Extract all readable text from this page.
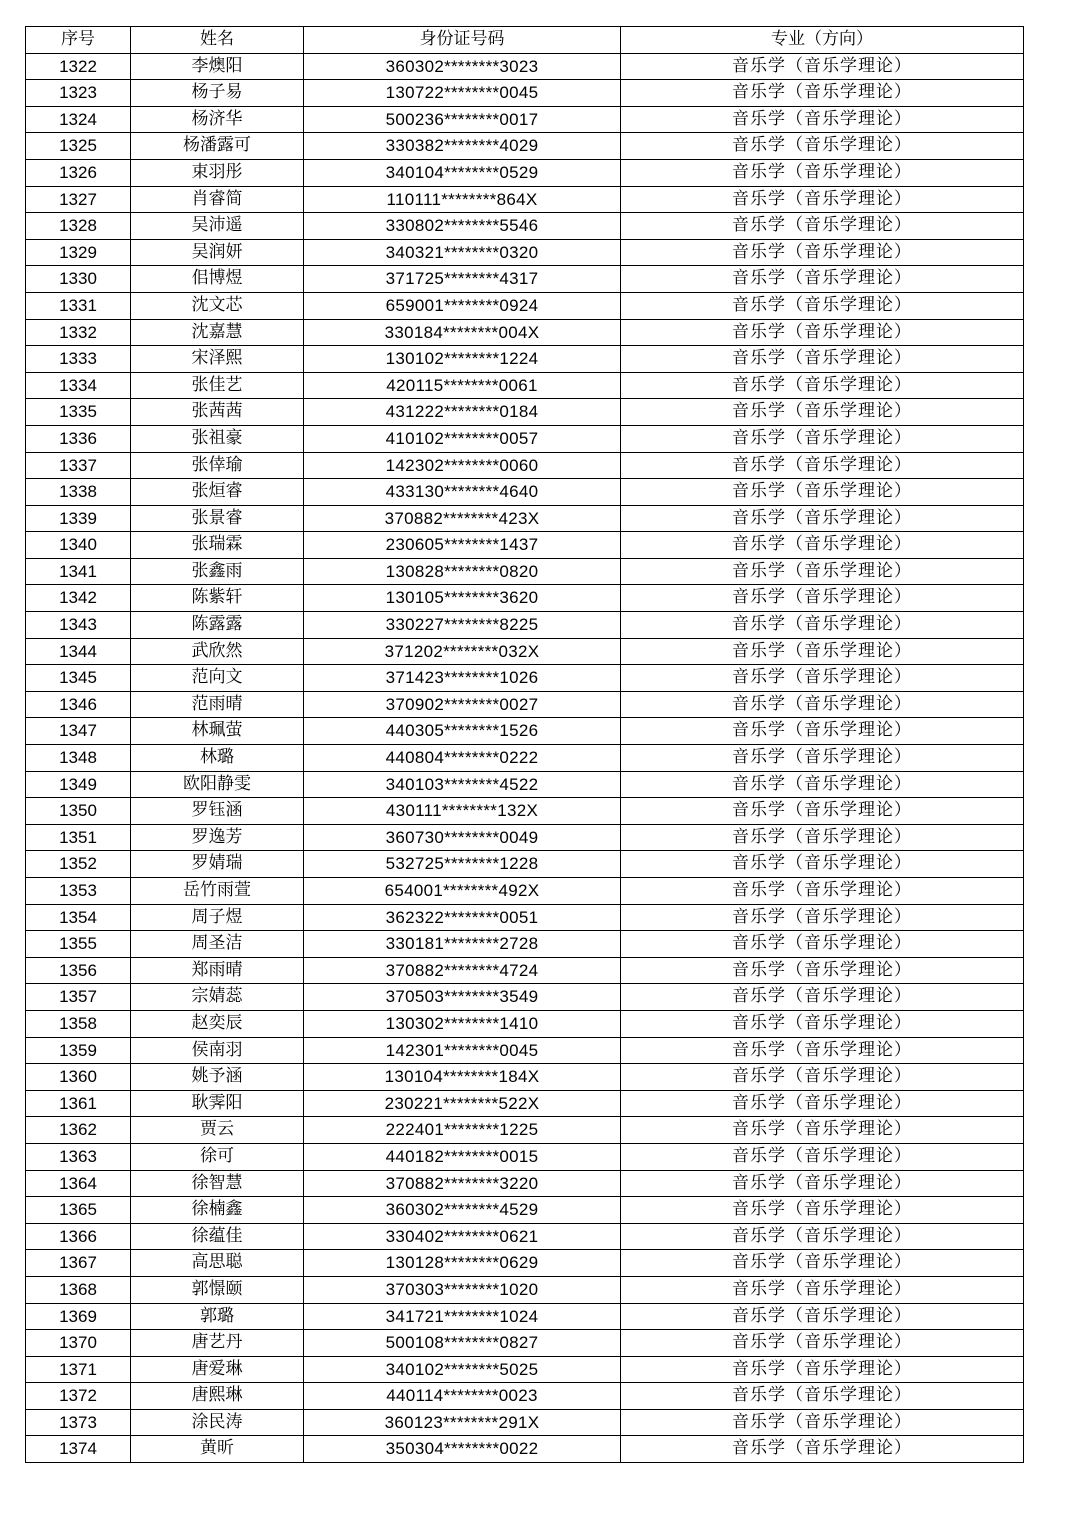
序号	姓名	身份证号码	专业（方向）
1322	李燠阳	360302********3023	音乐学（音乐学理论）
1323	杨子易	130722********0045	音乐学（音乐学理论）
1324	杨济华	500236********0017	音乐学（音乐学理论）
1325	杨潘露可	330382********4029	音乐学（音乐学理论）
1326	束羽彤	340104********0529	音乐学（音乐学理论）
1327	肖睿简	110111********864X	音乐学（音乐学理论）
1328	吴沛遥	330802********5546	音乐学（音乐学理论）
1329	吴润妍	340321********0320	音乐学（音乐学理论）
1330	佀博煜	371725********4317	音乐学（音乐学理论）
1331	沈文芯	659001********0924	音乐学（音乐学理论）
1332	沈嘉慧	330184********004X	音乐学（音乐学理论）
1333	宋泽熙	130102********1224	音乐学（音乐学理论）
1334	张佳艺	420115********0061	音乐学（音乐学理论）
1335	张茜茜	431222********0184	音乐学（音乐学理论）
1336	张祖豪	410102********0057	音乐学（音乐学理论）
1337	张倖瑜	142302********0060	音乐学（音乐学理论）
1338	张烜睿	433130********4640	音乐学（音乐学理论）
1339	张景睿	370882********423X	音乐学（音乐学理论）
1340	张瑞霖	230605********1437	音乐学（音乐学理论）
1341	张鑫雨	130828********0820	音乐学（音乐学理论）
1342	陈紫轩	130105********3620	音乐学（音乐学理论）
1343	陈露露	330227********8225	音乐学（音乐学理论）
1344	武欣然	371202********032X	音乐学（音乐学理论）
1345	范向文	371423********1026	音乐学（音乐学理论）
1346	范雨晴	370902********0027	音乐学（音乐学理论）
1347	林珮萤	440305********1526	音乐学（音乐学理论）
1348	林璐	440804********0222	音乐学（音乐学理论）
1349	欧阳静雯	340103********4522	音乐学（音乐学理论）
1350	罗钰涵	430111********132X	音乐学（音乐学理论）
1351	罗逸芳	360730********0049	音乐学（音乐学理论）
1352	罗婧瑞	532725********1228	音乐学（音乐学理论）
1353	岳竹雨萱	654001********492X	音乐学（音乐学理论）
1354	周子煜	362322********0051	音乐学（音乐学理论）
1355	周圣洁	330181********2728	音乐学（音乐学理论）
1356	郑雨晴	370882********4724	音乐学（音乐学理论）
1357	宗婧蕊	370503********3549	音乐学（音乐学理论）
1358	赵奕辰	130302********1410	音乐学（音乐学理论）
1359	侯南羽	142301********0045	音乐学（音乐学理论）
1360	姚予涵	130104********184X	音乐学（音乐学理论）
1361	耿霁阳	230221********522X	音乐学（音乐学理论）
1362	贾云	222401********1225	音乐学（音乐学理论）
1363	徐可	440182********0015	音乐学（音乐学理论）
1364	徐智慧	370882********3220	音乐学（音乐学理论）
1365	徐楠鑫	360302********4529	音乐学（音乐学理论）
1366	徐蕴佳	330402********0621	音乐学（音乐学理论）
1367	高思聪	130128********0629	音乐学（音乐学理论）
1368	郭憬颐	370303********1020	音乐学（音乐学理论）
1369	郭璐	341721********1024	音乐学（音乐学理论）
1370	唐艺丹	500108********0827	音乐学（音乐学理论）
1371	唐爱琳	340102********5025	音乐学（音乐学理论）
1372	唐熙琳	440114********0023	音乐学（音乐学理论）
1373	涂民涛	360123********291X	音乐学（音乐学理论）
1374	黄昕	350304********0022	音乐学（音乐学理论）
